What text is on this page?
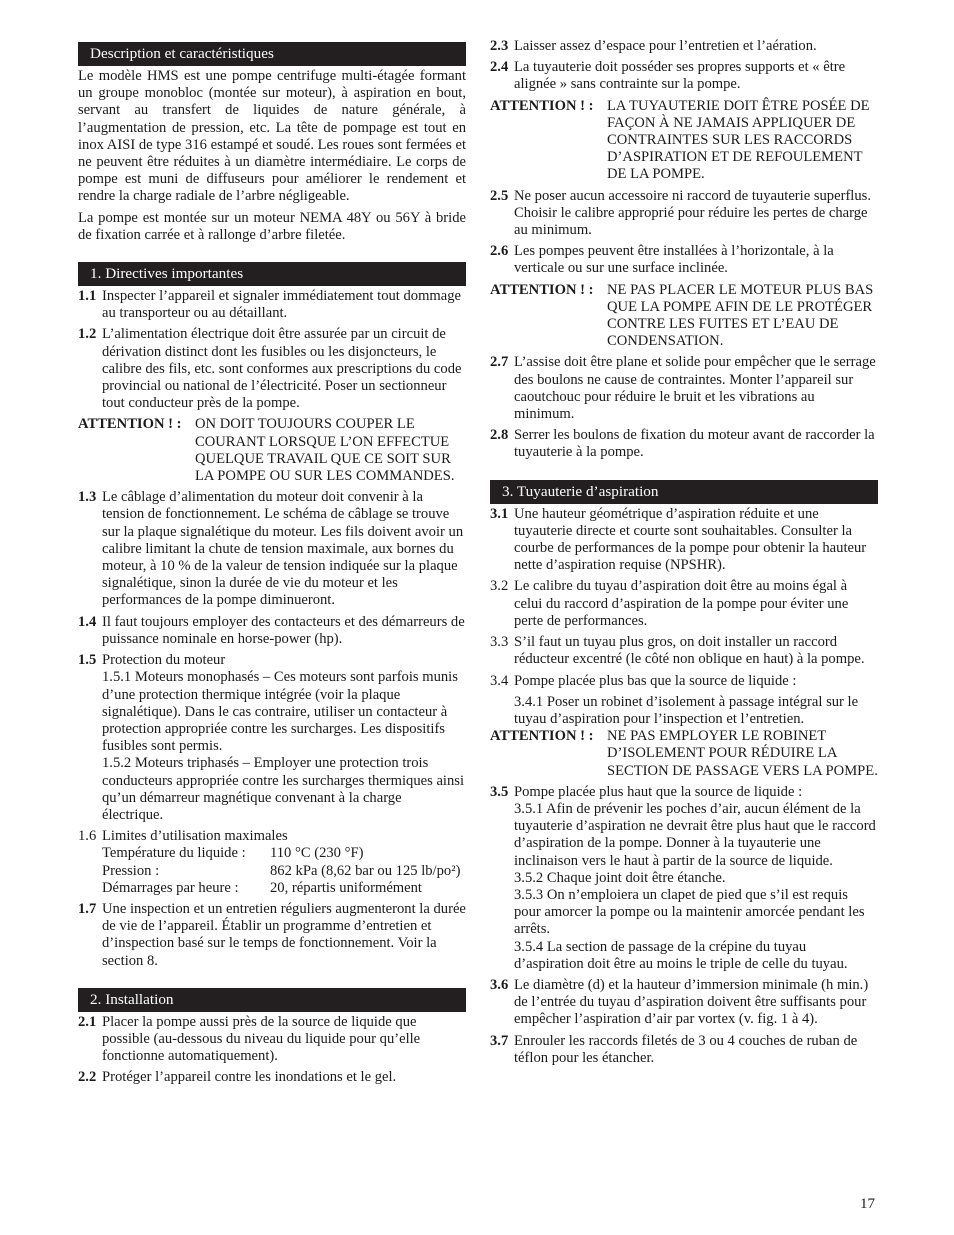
Description et caractéristiques

Le modèle HMS est une pompe centrifuge multi-étagée formant un groupe monobloc (montée sur moteur), à aspiration en bout, servant au transfert de liquides de nature générale, à l’augmentation de pression, etc. La tête de pompage est tout en inox AISI de type 316 estampé et soudé. Les roues sont fermées et ne peuvent être réduites à un diamètre intermédiaire. Le corps de pompe est muni de diffuseurs pour améliorer le rendement et rendre la charge radiale de l’arbre négligeable.

La pompe est montée sur un moteur NEMA 48Y ou 56Y à bride de fixation carrée et à rallonge d’arbre filetée.

1. Directives importantes
1.1 Inspecter l’appareil et signaler immédiatement tout dommage au transporteur ou au détaillant.
1.2 L’alimentation électrique doit être assurée par un circuit de dérivation distinct dont les fusibles ou les disjoncteurs, le calibre des fils, etc. sont conformes aux prescriptions du code provincial ou national de l’électricité. Poser un sectionneur tout conducteur près de la pompe.
ATTENTION ! : ON DOIT TOUJOURS COUPER LE COURANT LORSQUE L’ON EFFECTUE QUELQUE TRAVAIL QUE CE SOIT SUR LA POMPE OU SUR LES COMMANDES.
1.3 Le câblage d’alimentation du moteur doit convenir à la tension de fonctionnement. Le schéma de câblage se trouve sur la plaque signalétique du moteur. Les fils doivent avoir un calibre limitant la chute de tension maximale, aux bornes du moteur, à 10 % de la valeur de tension indiquée sur la plaque signalétique, sinon la durée de vie du moteur et les performances de la pompe diminueront.
1.4 Il faut toujours employer des contacteurs et des démarreurs de puissance nominale en horse-power (hp).
1.5 Protection du moteur
1.5.1 Moteurs monophasés – Ces moteurs sont parfois munis d’une protection thermique intégrée (voir la plaque signalétique). Dans le cas contraire, utiliser un contacteur à protection appropriée contre les surcharges. Les dispositifs fusibles sont permis.
1.5.2 Moteurs triphasés – Employer une protection trois conducteurs appropriée contre les surcharges thermiques ainsi qu’un démarreur magnétique convenant à la charge électrique.
1.6 Limites d’utilisation maximales
Température du liquide :	110 °C (230 °F)
Pression :	862 kPa (8,62 bar ou 125 lb/po²)
Démarrages par heure :	20, répartis uniformément
1.7 Une inspection et un entretien réguliers augmenteront la durée de vie de l’appareil. Établir un programme d’entretien et d’inspection basé sur le temps de fonctionnement. Voir la section 8.
2. Installation
2.1 Placer la pompe aussi près de la source de liquide que possible (au-dessous du niveau du liquide pour qu’elle fonctionne automatiquement).
2.2 Protéger l’appareil contre les inondations et le gel.
2.3 Laisser assez d’espace pour l’entretien et l’aération.
2.4 La tuyauterie doit posséder ses propres supports et « être alignée » sans contrainte sur la pompe.
ATTENTION ! : LA TUYAUTERIE DOIT ÊTRE POSÉE DE FAÇON À NE JAMAIS APPLIQUER DE CONTRAINTES SUR LES RACCORDS D’ASPIRATION ET DE REFOULEMENT DE LA POMPE.
2.5 Ne poser aucun accessoire ni raccord de tuyauterie superflus. Choisir le calibre approprié pour réduire les pertes de charge au minimum.
2.6 Les pompes peuvent être installées à l’horizontale, à la verticale ou sur une surface inclinée.
ATTENTION ! : NE PAS PLACER LE MOTEUR PLUS BAS QUE LA POMPE AFIN DE LE PROTÉGER CONTRE LES FUITES ET L’EAU DE CONDENSATION.
2.7 L’assise doit être plane et solide pour empêcher que le serrage des boulons ne cause de contraintes. Monter l’appareil sur caoutchouc pour réduire le bruit et les vibrations au minimum.
2.8 Serrer les boulons de fixation du moteur avant de raccorder la tuyauterie à la pompe.
3. Tuyauterie d’aspiration
3.1 Une hauteur géométrique d’aspiration réduite et une tuyauterie directe et courte sont souhaitables. Consulter la courbe de performances de la pompe pour obtenir la hauteur nette d’aspiration requise (NPSHR).
3.2 Le calibre du tuyau d’aspiration doit être au moins égal à celui du raccord d’aspiration de la pompe pour éviter une perte de performances.
3.3 S’il faut un tuyau plus gros, on doit installer un raccord réducteur excentré (le côté non oblique en haut) à la pompe.
3.4 Pompe placée plus bas que la source de liquide :
3.4.1 Poser un robinet d’isolement à passage intégral sur le tuyau d’aspiration pour l’inspection et l’entretien.
ATTENTION ! : NE PAS EMPLOYER LE ROBINET D’ISOLEMENT POUR RÉDUIRE LA SECTION DE PASSAGE VERS LA POMPE.
3.5 Pompe placée plus haut que la source de liquide :
3.5.1 Afin de prévenir les poches d’air, aucun élément de la tuyauterie d’aspiration ne devrait être plus haut que le raccord d’aspiration de la pompe. Donner à la tuyauterie une inclinaison vers le haut à partir de la source de liquide.
3.5.2 Chaque joint doit être étanche.
3.5.3 On n’emploiera un clapet de pied que s’il est requis pour amorcer la pompe ou la maintenir amorcée pendant les arrêts.
3.5.4 La section de passage de la crépine du tuyau d’aspiration doit être au moins le triple de celle du tuyau.
3.6 Le diamètre (d) et la hauteur d’immersion minimale (h min.) de l’entrée du tuyau d’aspiration doivent être suffisants pour empêcher l’aspiration d’air par vortex (v. fig. 1 à 4).
3.7 Enrouler les raccords filetés de 3 ou 4 couches de ruban de téflon pour les étancher.
17
